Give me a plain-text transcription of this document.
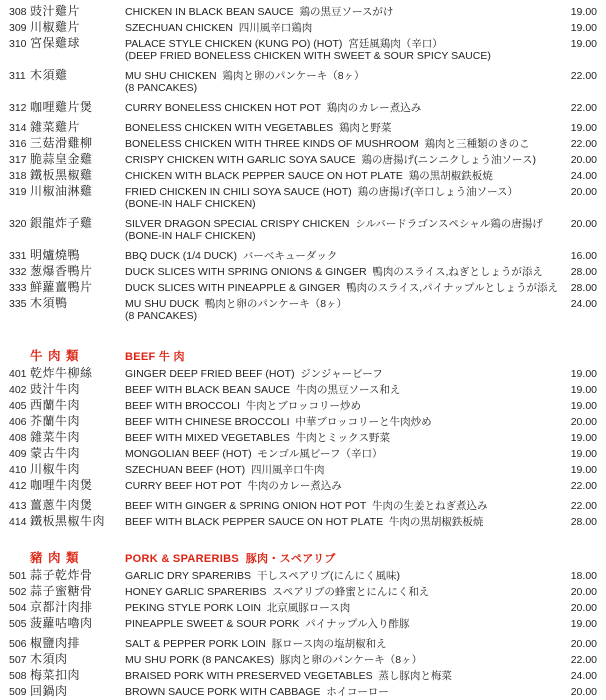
308 豉汁雞片	CHICKEN IN BLACK BEAN SAUCE  鶏の黒豆ソースがけ	19.00
309 川椒雞片	SZECHUAN CHICKEN  四川風辛口鶏肉	19.00
310 宮保雞球	PALACE STYLE CHICKEN (KUNG PO) (HOT)  宮廷風鶏肉（辛口）	19.00
(DEEP FRIED BONELESS CHICKEN WITH SWEET & SOUR SPICY SAUCE)
311 木須雞	MU SHU CHICKEN  鶏肉と卵のパンケーキ（8ヶ）	22.00
(8 PANCAKES)
312 咖哩雞片煲	CURRY BONELESS CHICKEN HOT POT  鶏肉のカレー煮込み	22.00
314 雜菜雞片	BONELESS CHICKEN WITH VEGETABLES  鶏肉と野菜	19.00
316 三菇滑雞柳	BONELESS CHICKEN WITH THREE KINDS OF MUSHROOM  鶏肉と三種類のきのこ	22.00
317 脆蒜皇金雞	CRISPY CHICKEN WITH GARLIC SOYA SAUCE  鶏の唐揚げ(ニンニクしょう油ソース)	20.00
318 鐵板黑椒雞	CHICKEN WITH BLACK PEPPER SAUCE ON HOT PLATE  鶏の黒胡椒鉄板焼	24.00
319 川椒油淋雞	FRIED CHICKEN IN CHILI SOYA SAUCE (HOT)  鶏の唐揚げ(辛口しょう油ソース）	20.00
(BONE-IN HALF CHICKEN)
320 銀龍炸子雞	SILVER DRAGON SPECIAL CRISPY CHICKEN  シルバードラゴンスペシャル鶏の唐揚げ	20.00
(BONE-IN HALF CHICKEN)
331 明爐燒鴨	BBQ DUCK (1/4 DUCK)  バーベキューダック	16.00
332 葱爆香鴨片	DUCK SLICES WITH SPRING ONIONS & GINGER  鴨肉のスライス,ねぎとしょうが添え	28.00
333 鮮蘿薑鴨片	DUCK SLICES WITH PINEAPPLE & GINGER  鴨肉のスライス,パイナップルとしょうが添え	28.00
335 木須鴨	MU SHU DUCK  鴨肉と卵のパンケーキ（8ヶ）	24.00
(8 PANCAKES)
牛 肉 類	BEEF 牛 肉
401 乾炸牛柳絲	GINGER DEEP FRIED BEEF (HOT)  ジンジャービーフ	19.00
402 豉汁牛肉	BEEF WITH BLACK BEAN SAUCE  牛肉の黒豆ソース和え	19.00
405 西蘭牛肉	BEEF WITH BROCCOLI  牛肉とブロッコリー炒め	19.00
406 芥蘭牛肉	BEEF WITH CHINESE BROCCOLI  中華ブロッコリーと牛肉炒め	20.00
408 雜菜牛肉	BEEF WITH MIXED VEGETABLES  牛肉とミックス野菜	19.00
409 蒙古牛肉	MONGOLIAN BEEF (HOT)  モンゴル風ビーフ（辛口）	19.00
410 川椒牛肉	SZECHUAN BEEF (HOT)  四川風辛口牛肉	19.00
412 咖哩牛肉煲	CURRY BEEF HOT POT  牛肉のカレー煮込み	22.00
413 薑蔥牛肉煲	BEEF WITH GINGER & SPRING ONION HOT POT  牛肉の生姜とねぎ煮込み	22.00
414 鐵板黑椒牛肉	BEEF WITH BLACK PEPPER SAUCE ON HOT PLATE  牛肉の黒胡椒鉄板焼	28.00
豬 肉 類	PORK & SPARERIBS  豚肉・スペアリブ
501 蒜子乾炸骨	GARLIC DRY SPARERIBS  干しスペアリブ(にんにく風味)	18.00
502 蒜子蜜糖骨	HONEY GARLIC SPARERIBS  スペアリブの蜂蜜とにんにく和え	20.00
504 京都汁肉排	PEKING STYLE PORK LOIN  北京風豚ロース肉	20.00
505 菠蘿咕嚕肉	PINEAPPLE SWEET & SOUR PORK  パイナップル入り酢豚	19.00
506 椒鹽肉排	SALT & PEPPER PORK LOIN  豚ロース肉の塩胡椒和え	20.00
507 木須肉	MU SHU PORK (8 PANCAKES)  豚肉と卵のパンケーキ（8ヶ）	22.00
508 梅菜扣肉	BRAISED PORK WITH PRESERVED VEGETABLES  蒸し豚肉と梅菜	24.00
509 回鍋肉	BROWN SAUCE PORK WITH CABBAGE  ホイコーロー	20.00
